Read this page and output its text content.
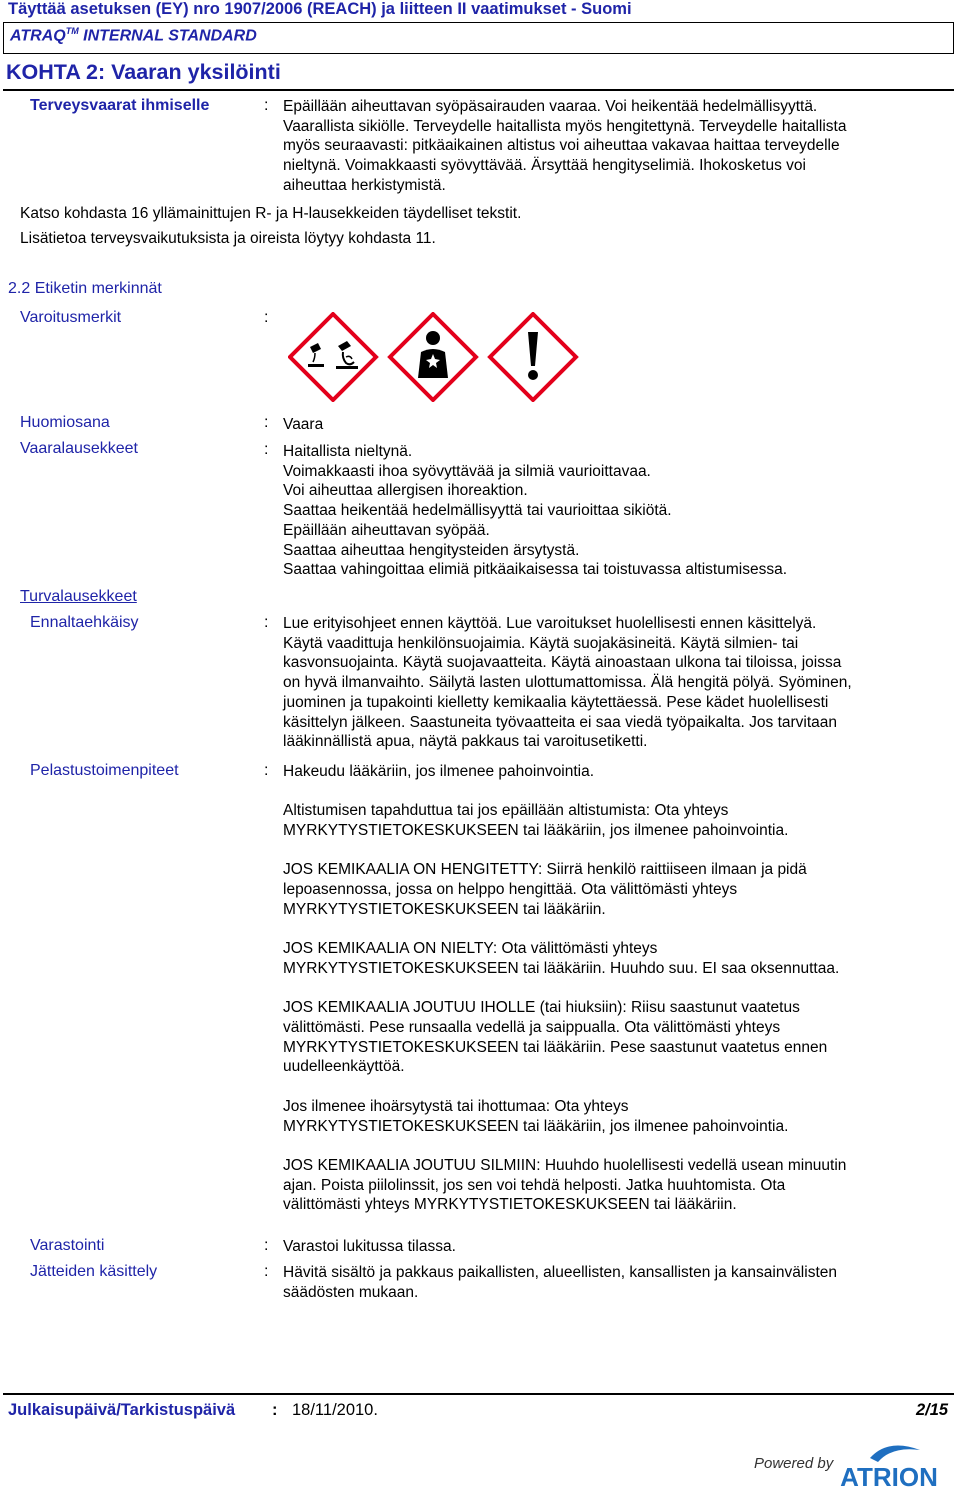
Täyttää asetuksen (EY) nro 1907/2006 (REACH) ja liitteen II vaatimukset - Suomi
ATRAQ™ INTERNAL STANDARD
KOHTA 2: Vaaran yksilöinti
Terveysvaarat ihmiselle	: Epäillään aiheuttavan syöpäsairauden vaaraa. Voi heikentää hedelmällisyyttä.
Vaarallista sikiölle. Terveydelle haitallista myös hengitettynä. Terveydelle haitallista
myös seuraavasti: pitkäaikainen altistus voi aiheuttaa vakavaa haittaa terveydelle
nieltynä. Voimakkaasti syövyttävää. Ärsyttää hengityselimiä. Ihokosketus voi
aiheuttaa herkistymistä.
Katso kohdasta 16 yllämainittujen R- ja H-lausekkeiden täydelliset tekstit.
Lisätietoa terveysvaikutuksista ja oireista löytyy kohdasta 11.
2.2 Etiketin merkinnät
Varoitusmerkit	:
Huomiosana	: Vaara
Vaaralausekkeet	: Haitallista nieltynä.
Voimakkaasti ihoa syövyttävää ja silmiä vaurioittavaa.
Voi aiheuttaa allergisen ihoreaktion.
Saattaa heikentää hedelmällisyyttä tai vaurioittaa sikiötä.
Epäillään aiheuttavan syöpää.
Saattaa aiheuttaa hengitysteiden ärsytystä.
Saattaa vahingoittaa elimiä pitkäaikaisessa tai toistuvassa altistumisessa.
Turvalausekkeet
Ennaltaehkäisy	: Lue erityisohjeet ennen käyttöä. Lue varoitukset huolellisesti ennen käsittelyä.
Käytä vaadittuja henkilönsuojaimia. Käytä suojakäsineitä. Käytä silmien- tai
kasvonsuojainta. Käytä suojavaatteita. Käytä ainoastaan ulkona tai tiloissa, joissa
on hyvä ilmanvaihto. Säilytä lasten ulottumattomissa. Älä hengitä pölyä. Syöminen,
juominen ja tupakointi kielletty kemikaalia käytettäessä. Pese kädet huolellisesti
käsittelyn jälkeen. Saastuneita työvaatteita ei saa viedä työpaikalta. Jos tarvitaan
lääkinnällistä apua, näytä pakkaus tai varoitusetiketti.
Pelastustoimenpiteet	: Hakeudu lääkäriin, jos ilmenee pahoinvointia.
Altistumisen tapahduttua tai jos epäillään altistumista: Ota yhteys
MYRKYTYSTIETOKESKUKSEEN tai lääkäriin, jos ilmenee pahoinvointia.
JOS KEMIKAALIA ON HENGITETTY: Siirrä henkilö raittiiseen ilmaan ja pidä
lepoasennossa, jossa on helppo hengittää. Ota välittömästi yhteys
MYRKYTYSTIETOKESKUKSEEN tai lääkäriin.
JOS KEMIKAALIA ON NIELTY: Ota välittömästi yhteys
MYRKYTYSTIETOKESKUKSEEN tai lääkäriin. Huuhdo suu. EI saa oksennuttaa.
JOS KEMIKAALIA JOUTUU IHOLLE (tai hiuksiin): Riisu saastunut vaatetus
välittömästi. Pese runsaalla vedellä ja saippualla. Ota välittömästi yhteys
MYRKYTYSTIETOKESKUKSEEN tai lääkäriin. Pese saastunut vaatetus ennen
uudelleenkäyttöä.
Jos ilmenee ihoärsytystä tai ihottumaa: Ota yhteys
MYRKYTYSTIETOKESKUKSEEN tai lääkäriin, jos ilmenee pahoinvointia.
JOS KEMIKAALIA JOUTUU SILMIIN: Huuhdo huolellisesti vedellä usean minuutin
ajan. Poista piilolinssit, jos sen voi tehdä helposti. Jatka huuhtomista. Ota
välittömästi yhteys MYRKYTYSTIETOKESKUKSEEN tai lääkäriin.
Varastointi	: Varastoi lukitussa tilassa.
Jätteiden käsittely	: Hävitä sisältö ja pakkaus paikallisten, alueellisten, kansallisten ja kansainvälisten
säädösten mukaan.
Julkaisupäivä/Tarkistuspäivä : 18/11/2010.	2/15
Powered by ATRION
